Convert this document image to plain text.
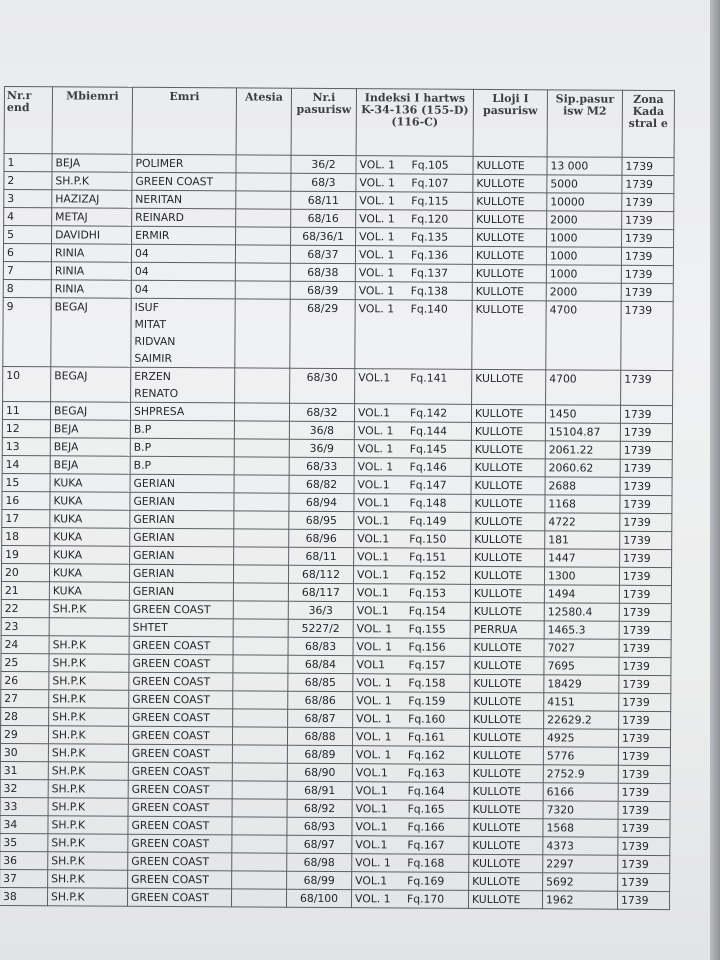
Nr.r end	Mbiemri	Emri	Atesia	Nr.i pasurisw	Indeksi I hartws K-34-136 (155-D)(116-C)	Lloji I pasurisw	Sip.pasur isw M2	Zona Kada stral e
1	BEJA	POLIMER		36/2	VOL. 1 Fq.105	KULLOTE	13 000	1739
2	SH.P.K	GREEN COAST		68/3	VOL. 1 Fq.107	KULLOTE	5000	1739
3	HAZIZAJ	NERITAN		68/11	VOL. 1 Fq.115	KULLOTE	10000	1739
4	METAJ	REINARD		68/16	VOL. 1 Fq.120	KULLOTE	2000	1739
5	DAVIDHI	ERMIR		68/36/1	VOL. 1 Fq.135	KULLOTE	1000	1739
6	RINIA	04		68/37	VOL. 1 Fq.136	KULLOTE	1000	1739
7	RINIA	04		68/38	VOL. 1 Fq.137	KULLOTE	1000	1739
8	RINIA	04		68/39	VOL. 1 Fq.138	KULLOTE	2000	1739
9	BEGAJ	ISUF
MITAT
RIDVAN
SAIMIR		68/29	VOL. 1 Fq.140	KULLOTE	4700	1739
10	BEGAJ	ERZEN
RENATO		68/30	VOL.1 Fq.141	KULLOTE	4700	1739
11	BEGAJ	SHPRESA		68/32	VOL.1 Fq.142	KULLOTE	1450	1739
12	BEJA	B.P		36/8	VOL. 1 Fq.144	KULLOTE	15104.87	1739
13	BEJA	B.P		36/9	VOL. 1 Fq.145	KULLOTE	2061.22	1739
14	BEJA	B.P		68/33	VOL. 1 Fq.146	KULLOTE	2060.62	1739
15	KUKA	GERIAN		68/82	VOL.1 Fq.147	KULLOTE	2688	1739
16	KUKA	GERIAN		68/94	VOL.1 Fq.148	KULLOTE	1168	1739
17	KUKA	GERIAN		68/95	VOL.1 Fq.149	KULLOTE	4722	1739
18	KUKA	GERIAN		68/96	VOL.1 Fq.150	KULLOTE	181	1739
19	KUKA	GERIAN		68/11	VOL.1 Fq.151	KULLOTE	1447	1739
20	KUKA	GERIAN		68/112	VOL.1 Fq.152	KULLOTE	1300	1739
21	KUKA	GERIAN		68/117	VOL.1 Fq.153	KULLOTE	1494	1739
22	SH.P.K	GREEN COAST		36/3	VOL.1 Fq.154	KULLOTE	12580.4	1739
23		SHTET		5227/2	VOL. 1 Fq.155	PERRUA	1465.3	1739
24	SH.P.K	GREEN COAST		68/83	VOL. 1 Fq.156	KULLOTE	7027	1739
25	SH.P.K	GREEN COAST		68/84	VOL1 Fq.157	KULLOTE	7695	1739
26	SH.P.K	GREEN COAST		68/85	VOL. 1 Fq.158	KULLOTE	18429	1739
27	SH.P.K	GREEN COAST		68/86	VOL. 1 Fq.159	KULLOTE	4151	1739
28	SH.P.K	GREEN COAST		68/87	VOL. 1 Fq.160	KULLOTE	22629.2	1739
29	SH.P.K	GREEN COAST		68/88	VOL. 1 Fq.161	KULLOTE	4925	1739
30	SH.P.K	GREEN COAST		68/89	VOL. 1 Fq.162	KULLOTE	5776	1739
31	SH.P.K	GREEN COAST		68/90	VOL.1 Fq.163	KULLOTE	2752.9	1739
32	SH.P.K	GREEN COAST		68/91	VOL.1 Fq.164	KULLOTE	6166	1739
33	SH.P.K	GREEN COAST		68/92	VOL.1 Fq.165	KULLOTE	7320	1739
34	SH.P.K	GREEN COAST		68/93	VOL.1 Fq.166	KULLOTE	1568	1739
35	SH.P.K	GREEN COAST		68/97	VOL.1 Fq.167	KULLOTE	4373	1739
36	SH.P.K	GREEN COAST		68/98	VOL. 1 Fq.168	KULLOTE	2297	1739
37	SH.P.K	GREEN COAST		68/99	VOL.1 Fq.169	KULLOTE	5692	1739
38	SH.P.K	GREEN COAST		68/100	VOL. 1 Fq.170	KULLOTE	1962	1739
